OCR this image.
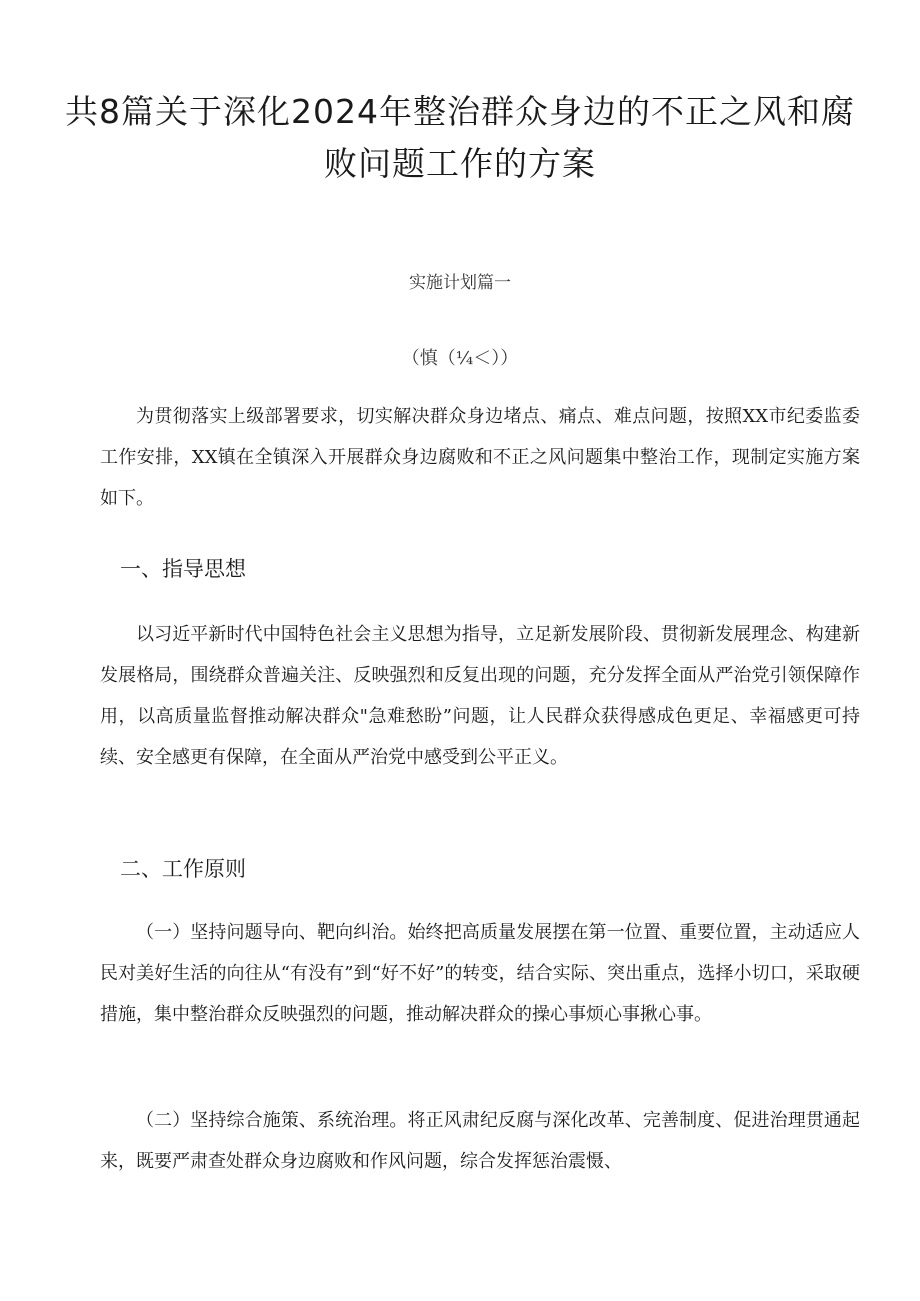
共8篇关于深化2024年整治群众身边的不正之风和腐败问题工作的方案
实施计划篇一
（慎（¼＜））

为贯彻落实上级部署要求，切实解决群众身边堵点、痛点、难点问题，按照XX市纪委监委工作安排，XX镇在全镇深入开展群众身边腐败和不正之风问题集中整治工作，现制定实施方案如下。

一、指导思想

以习近平新时代中国特色社会主义思想为指导，立足新发展阶段、贯彻新发展理念、构建新发展格局，围绕群众普遍关注、反映强烈和反复出现的问题，充分发挥全面从严治党引领保障作用，以高质量监督推动解决群众"急难愁盼”问题，让人民群众获得感成色更足、幸福感更可持续、安全感更有保障，在全面从严治党中感受到公平正义。

二、工作原则

（一）坚持问题导向、靶向纠治。始终把高质量发展摆在第一位置、重要位置，主动适应人民对美好生活的向往从“有没有”到“好不好”的转变，结合实际、突出重点，选择小切口，采取硬措施，集中整治群众反映强烈的问题，推动解决群众的操心事烦心事揪心事。

（二）坚持综合施策、系统治理。将正风肃纪反腐与深化改革、完善制度、促进治理贯通起来，既要严肃查处群众身边腐败和作风问题，综合发挥惩治震慑、
